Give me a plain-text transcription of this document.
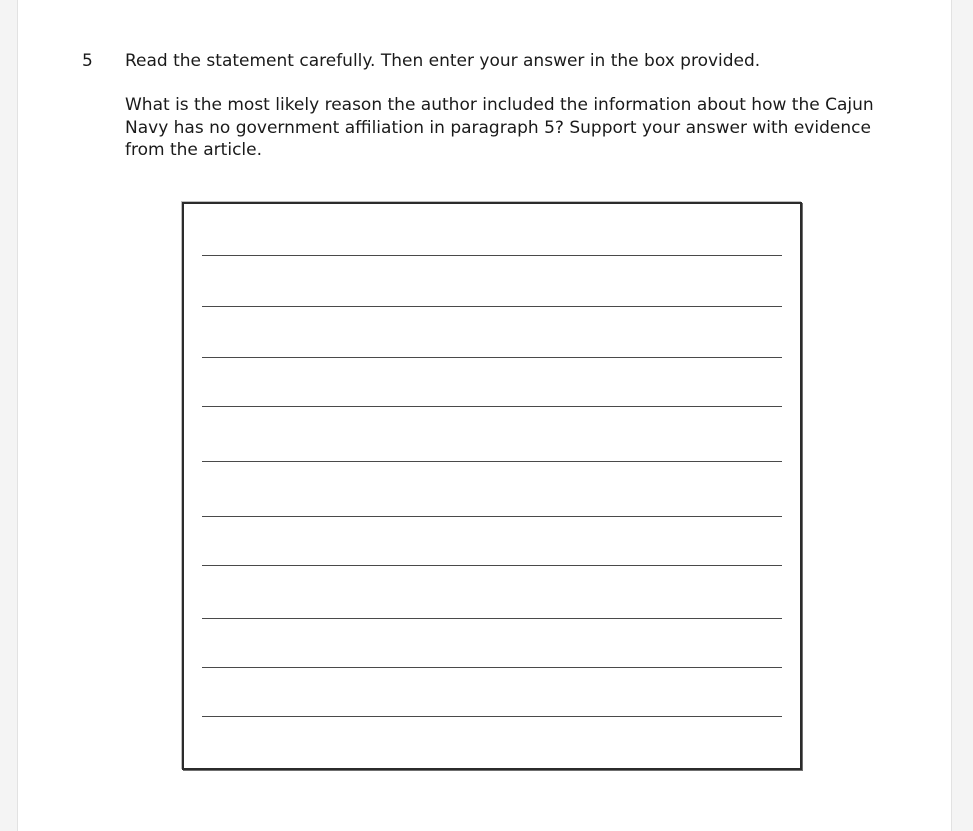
5 Read the statement carefully. Then enter your answer in the box provided.

What is the most likely reason the author included the information about how the Cajun Navy has no government affiliation in paragraph 5? Support your answer with evidence from the article.
